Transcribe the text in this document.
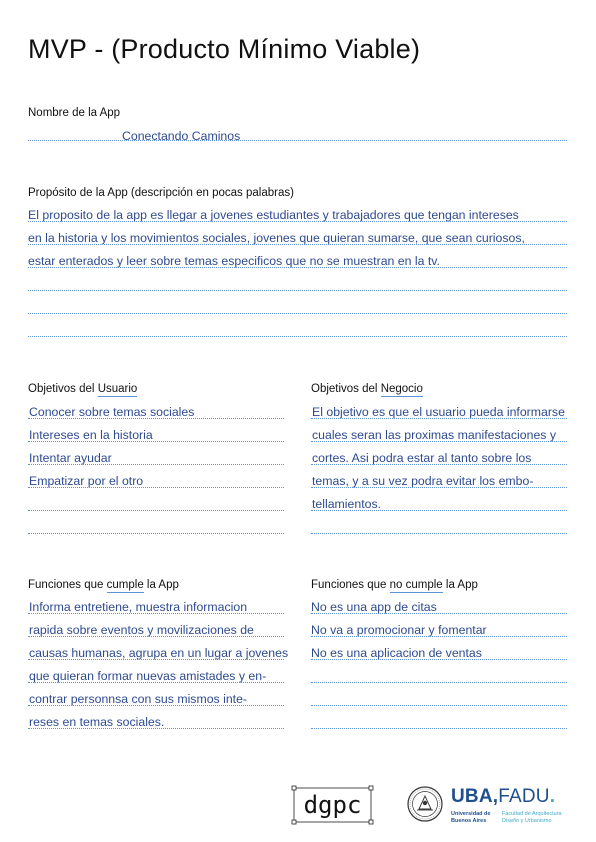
MVP - (Producto Mínimo Viable)
Nombre de la App
Conectando Caminos
Propósito de la App (descripción en pocas palabras)
El proposito de la app es llegar a jovenes estudiantes y trabajadores que tengan intereses
en la historia y los movimientos sociales, jovenes que quieran sumarse, que sean curiosos,
estar enterados y leer sobre temas especificos que no se muestran en la tv.
Objetivos del Usuario
Conocer sobre temas sociales
Intereses en la historia
Intentar ayudar
Empatizar por el otro
Objetivos del Negocio
El objetivo es que el usuario pueda informarse
cuales seran las proximas manifestaciones y
cortes. Asi podra estar al tanto sobre los
temas, y a su vez podra evitar los embo-
tellamientos.
Funciones que cumple la App
Informa entretiene, muestra informacion
rapida sobre eventos y movilizaciones de
causas humanas, agrupa en un lugar a jovenes
que quieran formar nuevas amistades y en-
contrar personnsa con sus mismos inte-
reses en temas sociales.
Funciones que no cumple la App
No es una app de citas
No va a promocionar y fomentar
No es una aplicacion de ventas
dgpc	UBA,FADU.
Universidad de Buenos Aires
Facultad de Arquitectura Diseño y Urbanismo
